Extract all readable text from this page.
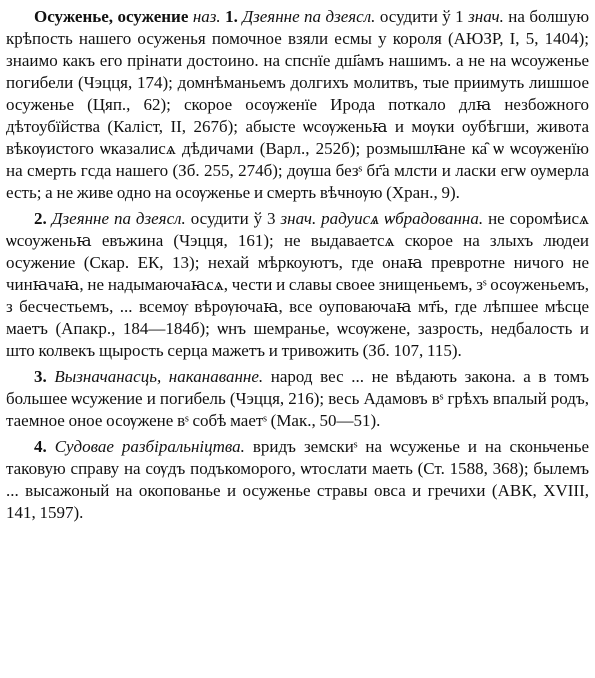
Осуженье, осужение наз. 1. Дзеянне па дзеясл. осудити ў 1 знач. на болшую крѣпость нашего осуженья помочное взяли есмы у короля (АЮЗР, І, 5, 1404); знаимо какъ его прінати достоино. на спснїе дш҃амъ нашимъ. а не на ѡсоуженье погибели (Чэцця, 174); домнѣманьемъ долгихъ молитвъ, тые приимуть лишшое осуженье (Цяп., 62); скорое осѹженїе Ирода поткало длꙗ незбожного дѣтоубїйства (Каліст, ІІ, 267б); абысте ѡсѹженьꙗ и мѹки оубѣгши, живота вѣкѹистого ѡказалисѧ дѣдичами (Варл., 252б); розмышлꙗне ка̑ ѡ ѡсѹженїю на смерть гсда нашего (Зб. 255, 274б); дѹша безˢ бг҃а млсти и ласки егѡ оумерла есть; а не живе одно на осѹженье и смерть вѣчнѹю (Хран., 9).

2. Дзеянне па дзеясл. осудити ў 3 знач. радуисѧ ѡбрадованна. не соромѣисѧ ѡсоуженьꙗ евъжина (Чэцця, 161); не выдаваетсѧ скорое на злыхъ людеи осужение (Скар. ЕК, 13); нехай мѣркоуютъ, где онаꙗ превротне ничого не чинꙗчаꙗ, не надымаючаꙗсѧ, чести и славы своее знищеньемъ, зˢ осѹженьемъ, з бесчестьемъ, ... всемѹ вѣрѹючаꙗ, все оуповаючаꙗ мт҃ь, где лѣпшее мѣсце маетъ (Апакр., 184—184б); ѡнъ шемранье, ѡсѹжене, зазрость, недбалость и што колвекъ щырость серца мажетъ и тривожить (Зб. 107, 115).

3. Вызначанасць, наканаванне. народ вес ... не вѣдають закона. а в томъ большее ѡсужение и погибель (Чэцця, 216); весь Адамовъ вˢ грѣхъ впалый родъ, таемное оное осѹжене вˢ собѣ маетˢ (Мак., 50—51).

4. Судовае разбіральніцтва. вридъ земскиˢ на ѡсуженье и на сконьченье таковую справу на сѹдъ подъкоморого, ѡтослати маеть (Ст. 1588, 368); былемъ ... высажоный на окопованье и осуженье стравы овса и гречихи (АВК, XVIII, 141, 1597).
